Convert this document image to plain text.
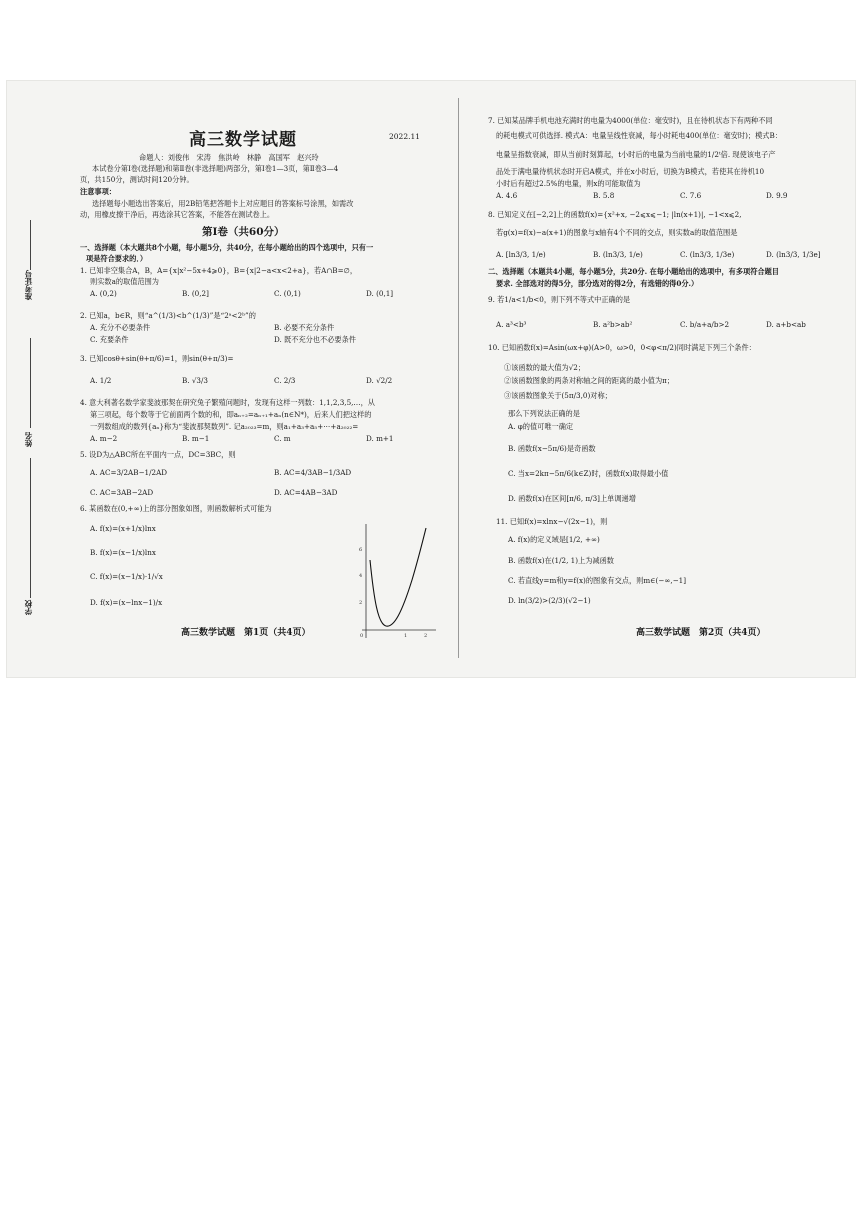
准考证号
姓名
学校
高三数学试题	2022.11
命题人：刘俊伟　宋涛　焦洪岭　林静　高国军　赵兴玲
本试卷分第Ⅰ卷(选择题)和第Ⅱ卷(非选择题)两部分，第Ⅰ卷1—3页，第Ⅱ卷3—4
页，共150分，测试时间120分钟。
注意事项：
选择题每小题选出答案后，用2B铅笔把答题卡上对应题目的答案标号涂黑，如需改
动，用橡皮擦干净后，再选涂其它答案，不能答在测试卷上。
第Ⅰ卷（共60分）
一、选择题（本大题共8个小题，每小题5分，共40分，在每小题给出的四个选项中，只有一
项是符合要求的．）
1. 已知非空集合A，B，A={x|x²−5x+4⩾0}，B={x|2−a<x<2+a}，若A∩B=∅，
则实数a的取值范围为
A. (0,2)	B. (0,2]	C. (0,1)	D. (0,1]
2. 已知a，b∈R，则“a^(1/3)<b^(1/3)”是“2ᵃ<2ᵇ”的
A. 充分不必要条件	B. 必要不充分条件
C. 充要条件	D. 既不充分也不必要条件
3. 已知cosθ+sin(θ+π/6)=1，则sin(θ+π/3)=
A. 1/2	B. √3/3	C. 2/3	D. √2/2
4. 意大利著名数学家斐波那契在研究兔子繁殖问题时，发现有这样一列数：1,1,2,3,5,…，从
第三项起，每个数等于它前面两个数的和，即aₙ₊₂=aₙ₊₁+aₙ(n∈N*)，后来人们把这样的
一列数组成的数列{aₙ}称为“斐波那契数列”. 记a₂₀₂₃=m，则a₁+a₃+a₅+⋯+a₂₀₂₂=
A. m−2	B. m−1	C. m	D. m+1
5. 设D为△ABC所在平面内一点，DC=3BC，则
A. AC=3/2AB−1/2AD	B. AC=4/3AB−1/3AD
C. AC=3AB−2AD	D. AC=4AB−3AD
6. 某函数在(0,+∞)上的部分图象如图，则函数解析式可能为
A. f(x)=(x+1/x)lnx
B. f(x)=(x−1/x)lnx
C. f(x)=(x−1/x)·1/√x
D. f(x)=(x−lnx−1)/x
6
4
2
0	1	2
高三数学试题　第1页（共4页）
7. 已知某品牌手机电池充满时的电量为4000(单位：毫安时)，且在待机状态下有两种不同
的耗电模式可供选择. 模式A：电量呈线性衰减，每小时耗电400(单位：毫安时)；模式B：
电量呈指数衰减，即从当前时刻算起，t小时后的电量为当前电量的1/2ᵗ倍. 现使该电子产
品处于满电量待机状态时开启A模式，并在x小时后，切换为B模式，若使其在待机10
小时后有超过2.5%的电量，则x的可能取值为
A. 4.6	B. 5.8	C. 7.6	D. 9.9
8. 已知定义在[−2,2]上的函数f(x)={x²+x, −2⩽x⩽−1; |ln(x+1)|, −1<x⩽2,
若g(x)=f(x)−a(x+1)的图象与x轴有4个不同的交点，则实数a的取值范围是
A. [ln3/3, 1/e)	B. (ln3/3, 1/e)	C. (ln3/3, 1/3e)	D. (ln3/3, 1/3e]
二、选择题（本题共4小题，每小题5分，共20分. 在每小题给出的选项中，有多项符合题目
要求. 全部选对的得5分，部分选对的得2分，有选错的得0分.）
9. 若1/a<1/b<0，则下列不等式中正确的是
A. a³<b³	B. a²b>ab²	C. b/a+a/b>2	D. a+b<ab
10. 已知函数f(x)=Asin(ωx+φ)(A>0，ω>0，0<φ<π/2)同时满足下列三个条件：
①该函数的最大值为√2；
②该函数图象的两条对称轴之间的距离的最小值为π；
③该函数图象关于(5π/3,0)对称；
那么下列说法正确的是
A. φ的值可唯一确定
B. 函数f(x−5π/6)是奇函数
C. 当x=2kπ−5π/6(k∈Z)时，函数f(x)取得最小值
D. 函数f(x)在区间[π/6, π/3]上单调递增
11. 已知f(x)=xlnx−√(2x−1)，则
A. f(x)的定义域是[1/2, +∞)
B. 函数f(x)在(1/2, 1)上为减函数
C. 若直线y=m和y=f(x)的图象有交点，则m∈(−∞,−1]
D. ln(3/2)>(2/3)(√2−1)
高三数学试题　第2页（共4页）
